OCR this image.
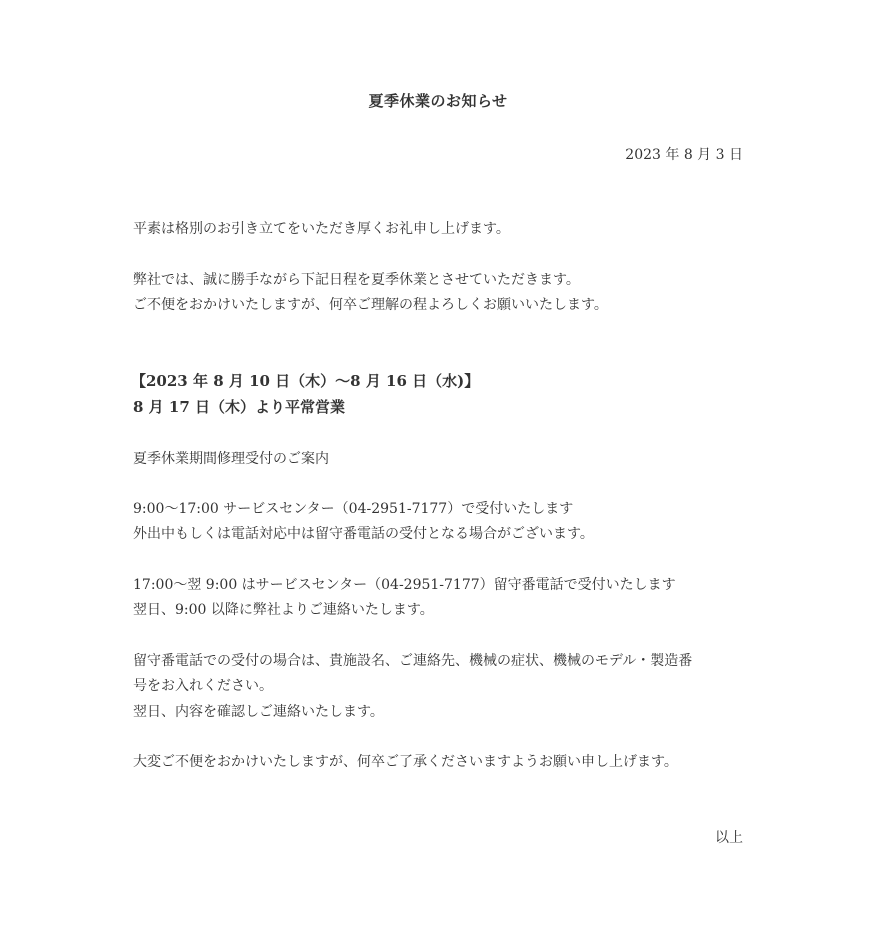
夏季休業のお知らせ
2023 年 8 月 3 日
平素は格別のお引き立てをいただき厚くお礼申し上げます。
弊社では、誠に勝手ながら下記日程を夏季休業とさせていただきます。
ご不便をおかけいたしますが、何卒ご理解の程よろしくお願いいたします。
【2023 年 8 月 10 日（木）〜8 月 16 日（水)】
8 月 17 日（木）より平常営業
夏季休業期間修理受付のご案内
9:00〜17:00 サービスセンター（04-2951-7177）で受付いたします
外出中もしくは電話対応中は留守番電話の受付となる場合がございます。
17:00〜翌 9:00 はサービスセンター（04-2951-7177）留守番電話で受付いたします
翌日、9:00 以降に弊社よりご連絡いたします。
留守番電話での受付の場合は、貴施設名、ご連絡先、機械の症状、機械のモデル・製造番
号をお入れください。
翌日、内容を確認しご連絡いたします。
大変ご不便をおかけいたしますが、何卒ご了承くださいますようお願い申し上げます。
以上
